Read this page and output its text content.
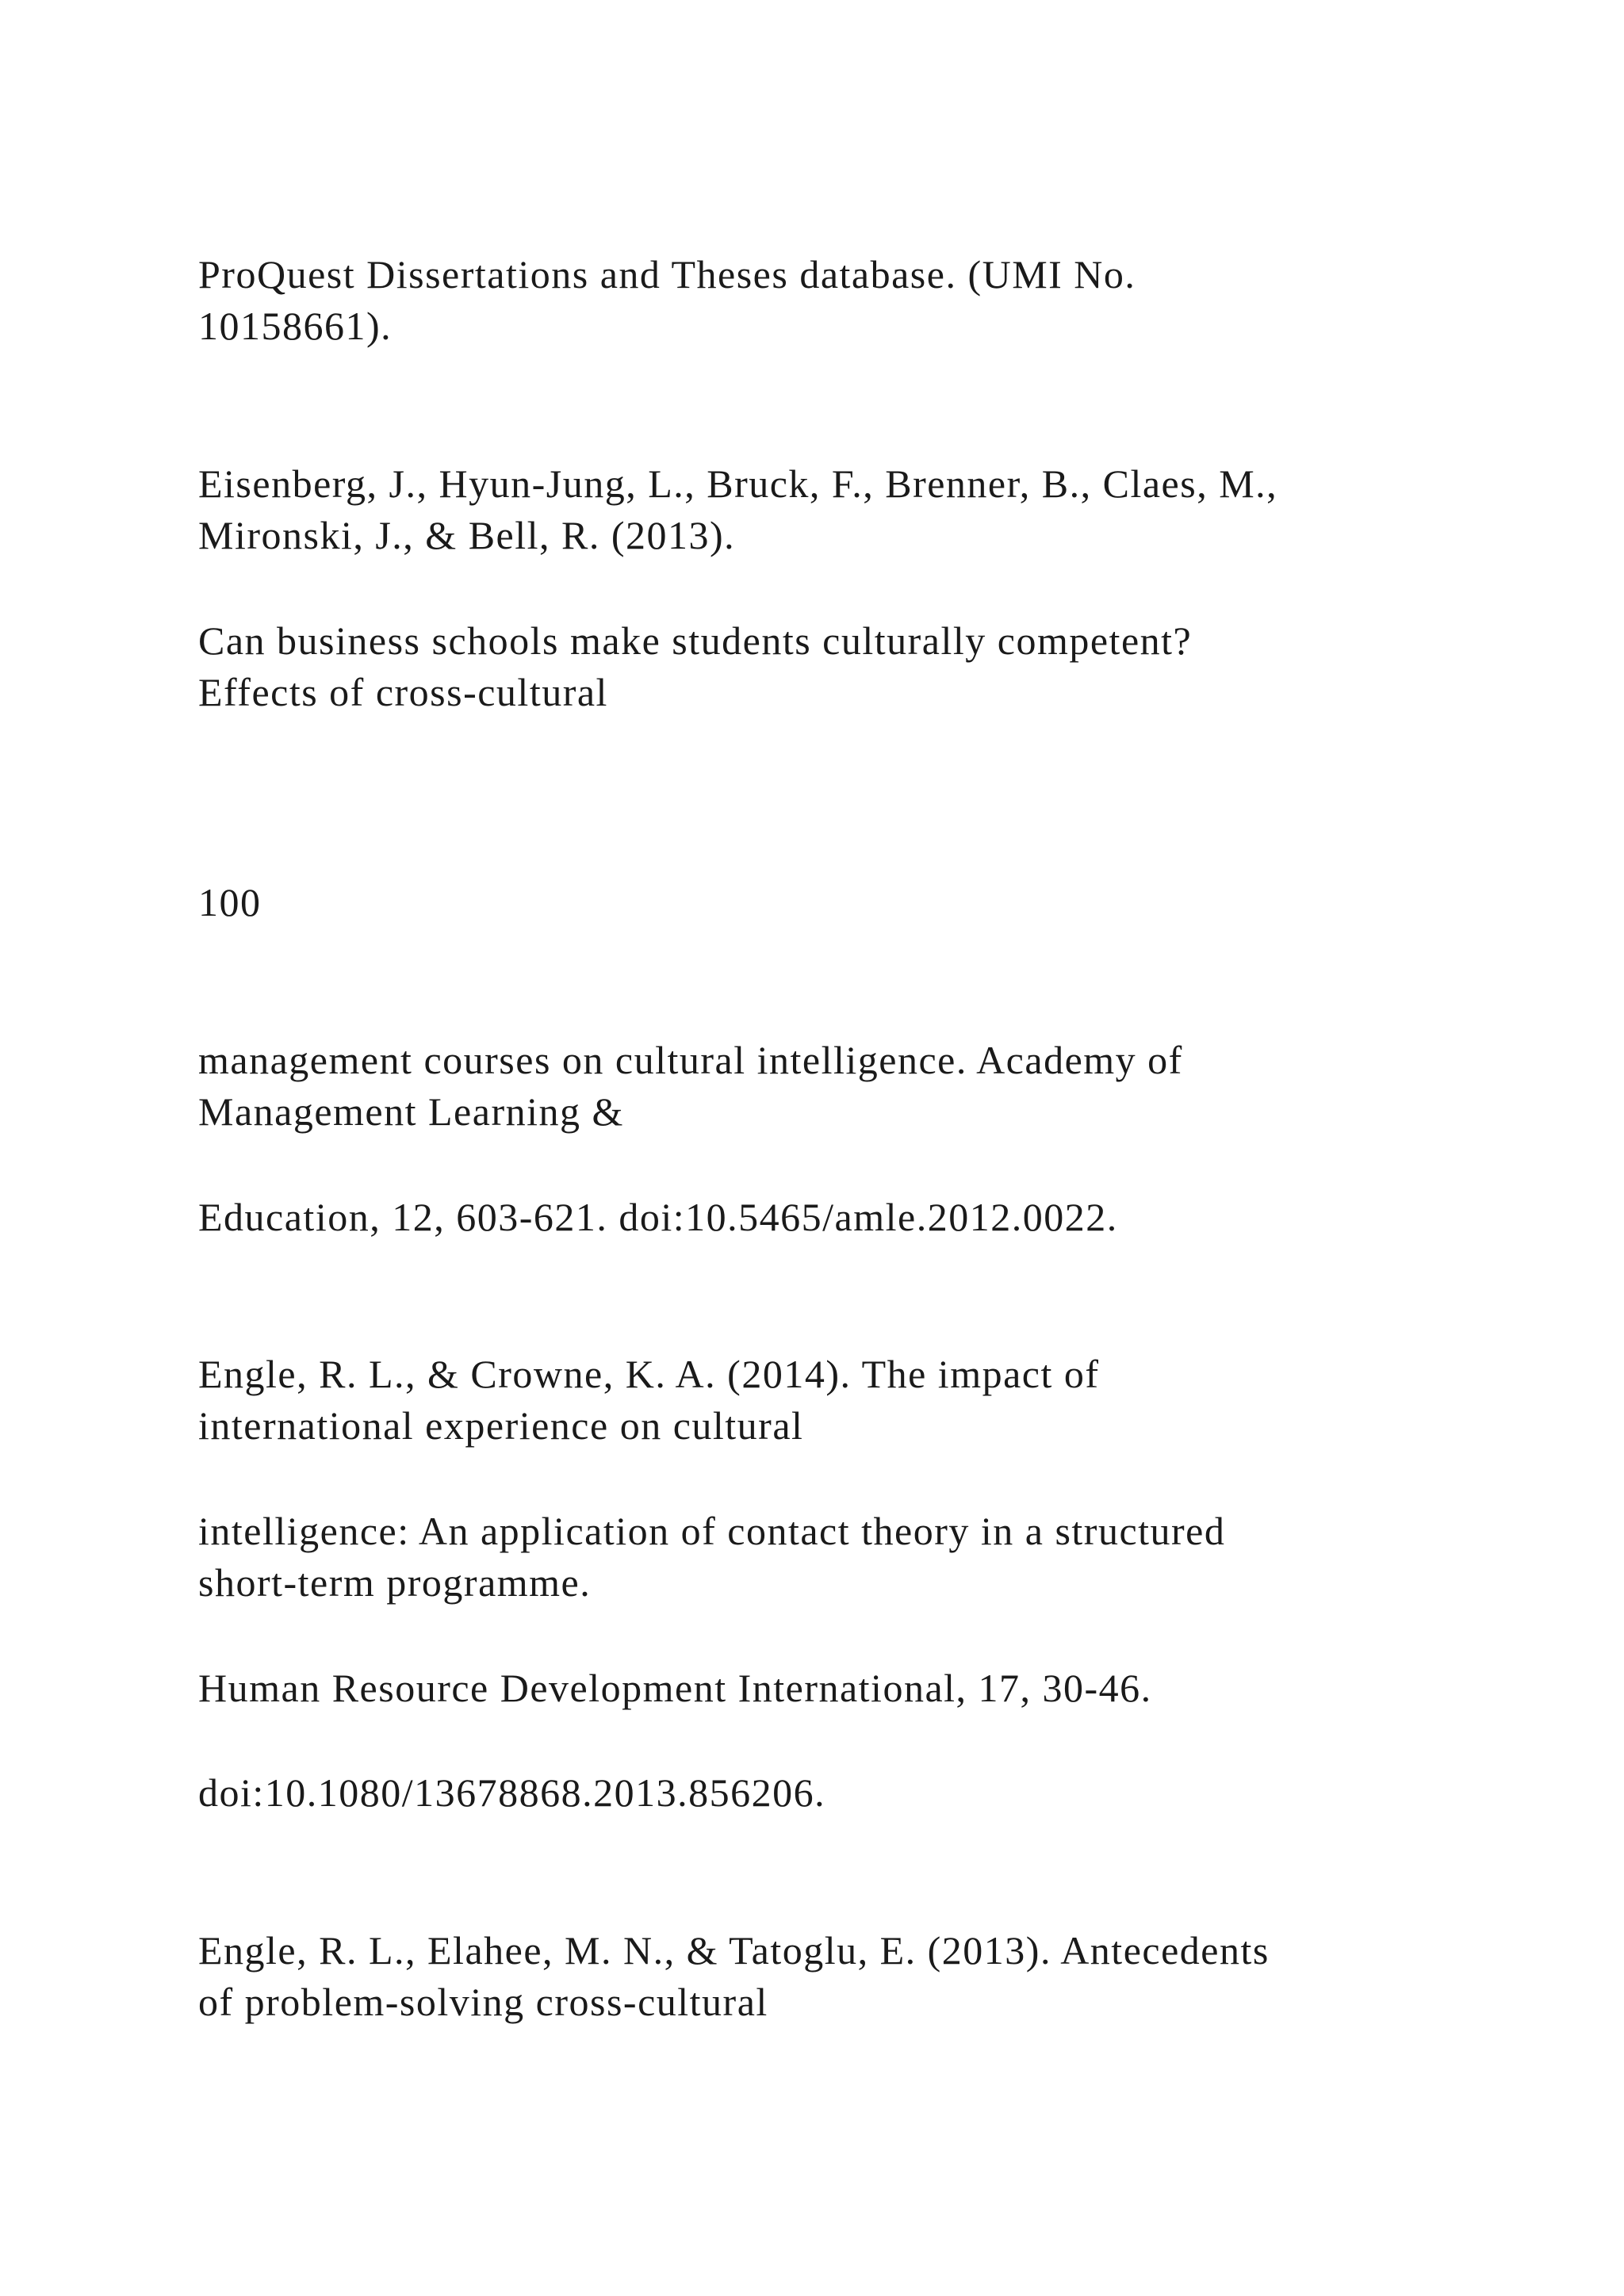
ProQuest Dissertations and Theses database. (UMI No.

10158661).

Eisenberg, J., Hyun-Jung, L., Bruck, F., Brenner, B., Claes, M.,

Mironski, J., & Bell, R. (2013).

Can business schools make students culturally competent?

Effects of cross-cultural

100

management courses on cultural intelligence. Academy of

Management Learning &

Education, 12, 603-621. doi:10.5465/amle.2012.0022.

Engle, R. L., & Crowne, K. A. (2014). The impact of

international experience on cultural

intelligence: An application of contact theory in a structured

short-term programme.

Human Resource Development International, 17, 30-46.

doi:10.1080/13678868.2013.856206.

Engle, R. L., Elahee, M. N., & Tatoglu, E. (2013). Antecedents

of problem-solving cross-cultural
